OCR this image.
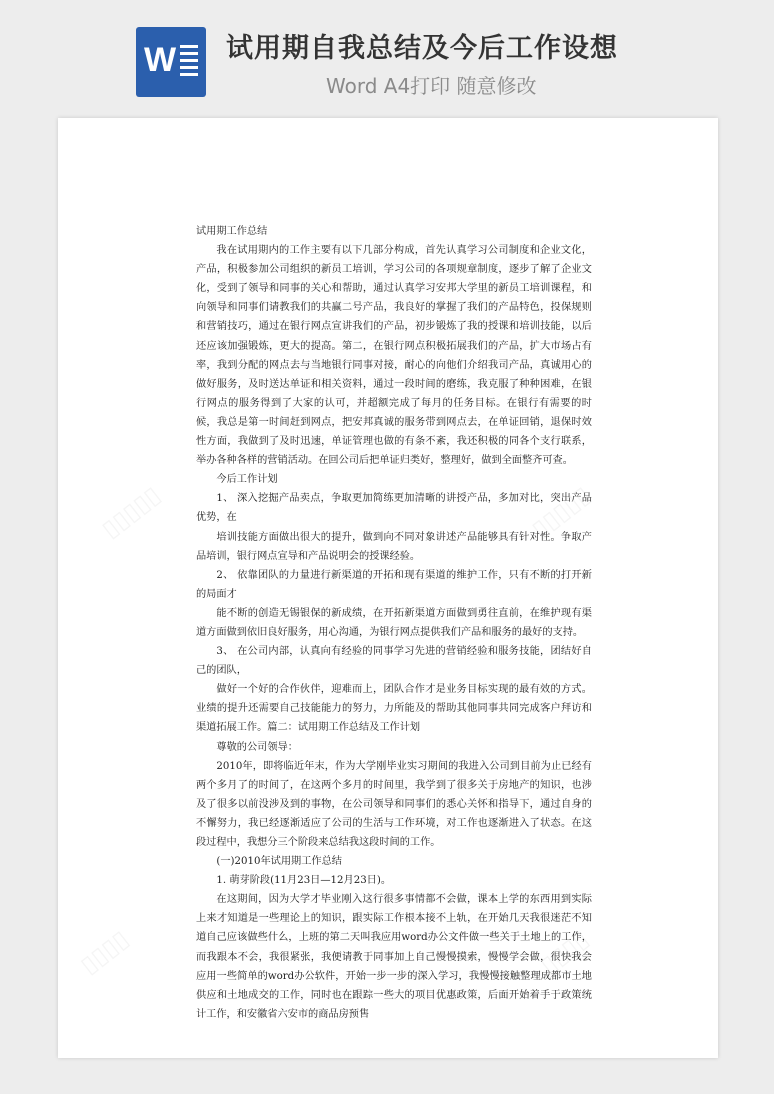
W 试用期自我总结及今后工作设想
Word A4打印 随意修改
▯▯▯▯▯	▯▯▯▯▯
▯▯▯▯	▯▯▯▯

试用期工作总结

我在试用期内的工作主要有以下几部分构成，首先认真学习公司制度和企业文化，产品，积极参加公司组织的新员工培训，学习公司的各项规章制度，逐步了解了企业文化，受到了领导和同事的关心和帮助，通过认真学习安邦大学里的新员工培训课程，和向领导和同事们请教我们的共赢二号产品，我良好的掌握了我们的产品特色，投保规则和营销技巧，通过在银行网点宣讲我们的产品，初步锻炼了我的授课和培训技能，以后还应该加强锻炼，更大的提高。第二，在银行网点积极拓展我们的产品，扩大市场占有率，我到分配的网点去与当地银行同事对接，耐心的向他们介绍我司产品，真诚用心的做好服务，及时送达单证和相关资料，通过一段时间的磨练，我克服了种种困难，在银行网点的服务得到了大家的认可，并超额完成了每月的任务目标。在银行有需要的时候，我总是第一时间赶到网点，把安邦真诚的服务带到网点去，在单证回销，退保时效性方面，我做到了及时迅速，单证管理也做的有条不紊，我还积极的同各个支行联系，举办各种各样的营销活动。在回公司后把单证归类好，整理好，做到全面整齐可查。

今后工作计划

1、 深入挖掘产品卖点，争取更加简练更加清晰的讲授产品，多加对比，突出产品优势，在

培训技能方面做出很大的提升，做到向不同对象讲述产品能够具有针对性。争取产品培训，银行网点宣导和产品说明会的授课经验。

2、 依靠团队的力量进行新渠道的开拓和现有渠道的维护工作，只有不断的打开新的局面才

能不断的创造无锡银保的新成绩，在开拓新渠道方面做到勇往直前，在维护现有渠道方面做到依旧良好服务，用心沟通，为银行网点提供我们产品和服务的最好的支持。

3、 在公司内部，认真向有经验的同事学习先进的营销经验和服务技能，团结好自己的团队，

做好一个好的合作伙伴，迎难而上，团队合作才是业务目标实现的最有效的方式。业绩的提升还需要自己技能能力的努力，力所能及的帮助其他同事共同完成客户拜访和渠道拓展工作。篇二：试用期工作总结及工作计划

尊敬的公司领导：

2010年，即将临近年末，作为大学刚毕业实习期间的我进入公司到目前为止已经有两个多月了的时间了，在这两个多月的时间里，我学到了很多关于房地产的知识，也涉及了很多以前没涉及到的事物，在公司领导和同事们的悉心关怀和指导下，通过自身的不懈努力，我已经逐渐适应了公司的生活与工作环境，对工作也逐渐进入了状态。在这段过程中，我想分三个阶段来总结我这段时间的工作。

(一)2010年试用期工作总结

1. 萌芽阶段(11月23日—12月23日)。

在这期间，因为大学才毕业刚入这行很多事情都不会做，课本上学的东西用到实际上来才知道是一些理论上的知识，跟实际工作根本接不上轨，在开始几天我很迷茫不知道自己应该做些什么，上班的第二天叫我应用word办公文件做一些关于土地上的工作，而我跟本不会，我很紧张，我便请教于同事加上自己慢慢摸索，慢慢学会做，很快我会应用一些简单的word办公软件，开始一步一步的深入学习，我慢慢接触整理成都市土地供应和土地成交的工作，同时也在跟踪一些大的项目优惠政策，后面开始着手于政策统计工作，和安徽省六安市的商品房预售
